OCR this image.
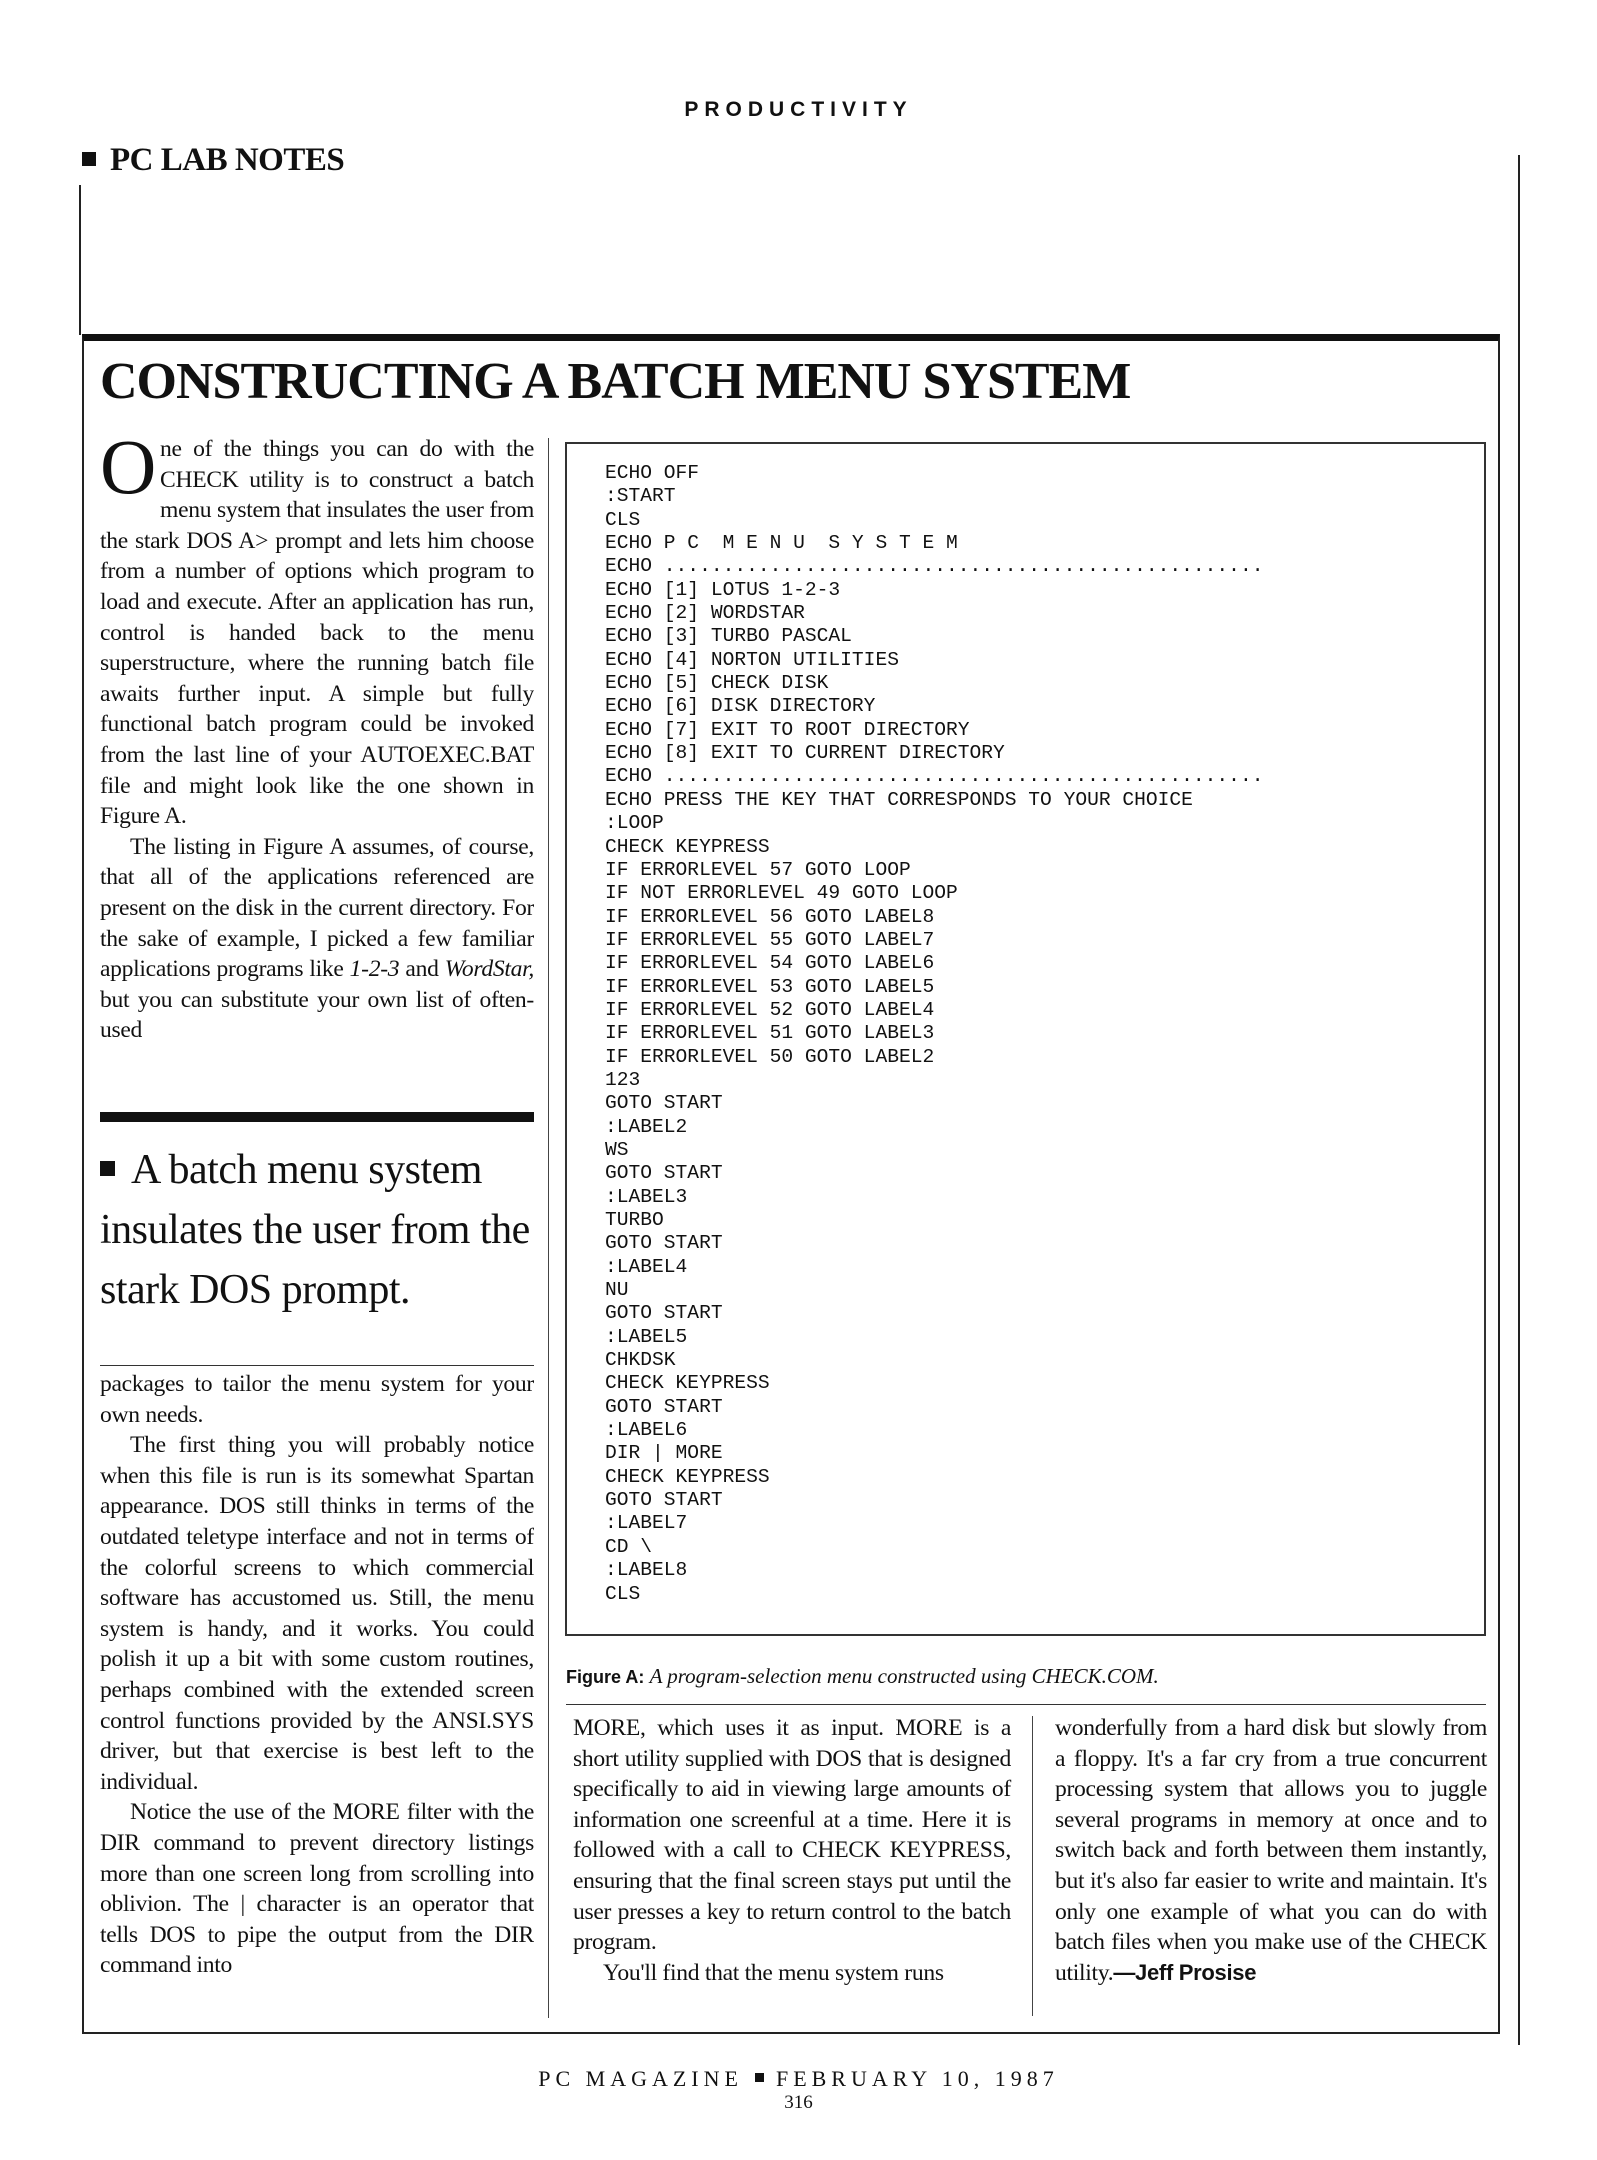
PRODUCTIVITY
PC LAB NOTES
CONSTRUCTING A BATCH MENU SYSTEM

One of the things you can do with the CHECK utility is to construct a batch menu system that insulates the user from the stark DOS A> prompt and lets him choose from a number of options which program to load and execute. After an application has run, control is handed back to the menu superstructure, where the running batch file awaits further input. A simple but fully functional batch program could be invoked from the last line of your AUTOEXEC.BAT file and might look like the one shown in Figure A.

The listing in Figure A assumes, of course, that all of the applications referenced are present on the disk in the current directory. For the sake of example, I picked a few familiar applications programs like 1-2-3 and WordStar, but you can substitute your own list of often-used

A batch menu system insulates the user from the stark DOS prompt.

packages to tailor the menu system for your own needs.

The first thing you will probably notice when this file is run is its somewhat Spartan appearance. DOS still thinks in terms of the outdated teletype interface and not in terms of the colorful screens to which commercial software has accustomed us. Still, the menu system is handy, and it works. You could polish it up a bit with some custom routines, perhaps combined with the extended screen control functions provided by the ANSI.SYS driver, but that exercise is best left to the individual.

Notice the use of the MORE filter with the DIR command to prevent directory listings more than one screen long from scrolling into oblivion. The | character is an operator that tells DOS to pipe the output from the DIR command into

ECHO OFF
:START
CLS
ECHO P C  M E N U  S Y S T E M
ECHO ...................................................
ECHO [1] LOTUS 1-2-3
ECHO [2] WORDSTAR
ECHO [3] TURBO PASCAL
ECHO [4] NORTON UTILITIES
ECHO [5] CHECK DISK
ECHO [6] DISK DIRECTORY
ECHO [7] EXIT TO ROOT DIRECTORY
ECHO [8] EXIT TO CURRENT DIRECTORY
ECHO ...................................................
ECHO PRESS THE KEY THAT CORRESPONDS TO YOUR CHOICE
:LOOP
CHECK KEYPRESS
IF ERRORLEVEL 57 GOTO LOOP
IF NOT ERRORLEVEL 49 GOTO LOOP
IF ERRORLEVEL 56 GOTO LABEL8
IF ERRORLEVEL 55 GOTO LABEL7
IF ERRORLEVEL 54 GOTO LABEL6
IF ERRORLEVEL 53 GOTO LABEL5
IF ERRORLEVEL 52 GOTO LABEL4
IF ERRORLEVEL 51 GOTO LABEL3
IF ERRORLEVEL 50 GOTO LABEL2
123
GOTO START
:LABEL2
WS
GOTO START
:LABEL3
TURBO
GOTO START
:LABEL4
NU
GOTO START
:LABEL5
CHKDSK
CHECK KEYPRESS
GOTO START
:LABEL6
DIR | MORE
CHECK KEYPRESS
GOTO START
:LABEL7
CD \
:LABEL8
CLS

Figure A: A program-selection menu constructed using CHECK.COM.

MORE, which uses it as input. MORE is a short utility supplied with DOS that is designed specifically to aid in viewing large amounts of information one screenful at a time. Here it is followed with a call to CHECK KEYPRESS, ensuring that the final screen stays put until the user presses a key to return control to the batch program.

You'll find that the menu system runs

wonderfully from a hard disk but slowly from a floppy. It's a far cry from a true concurrent processing system that allows you to juggle several programs in memory at once and to switch back and forth between them instantly, but it's also far easier to write and maintain. It's only one example of what you can do with batch files when you make use of the CHECK utility.—Jeff Prosise

PC MAGAZINE FEBRUARY 10, 1987
316
